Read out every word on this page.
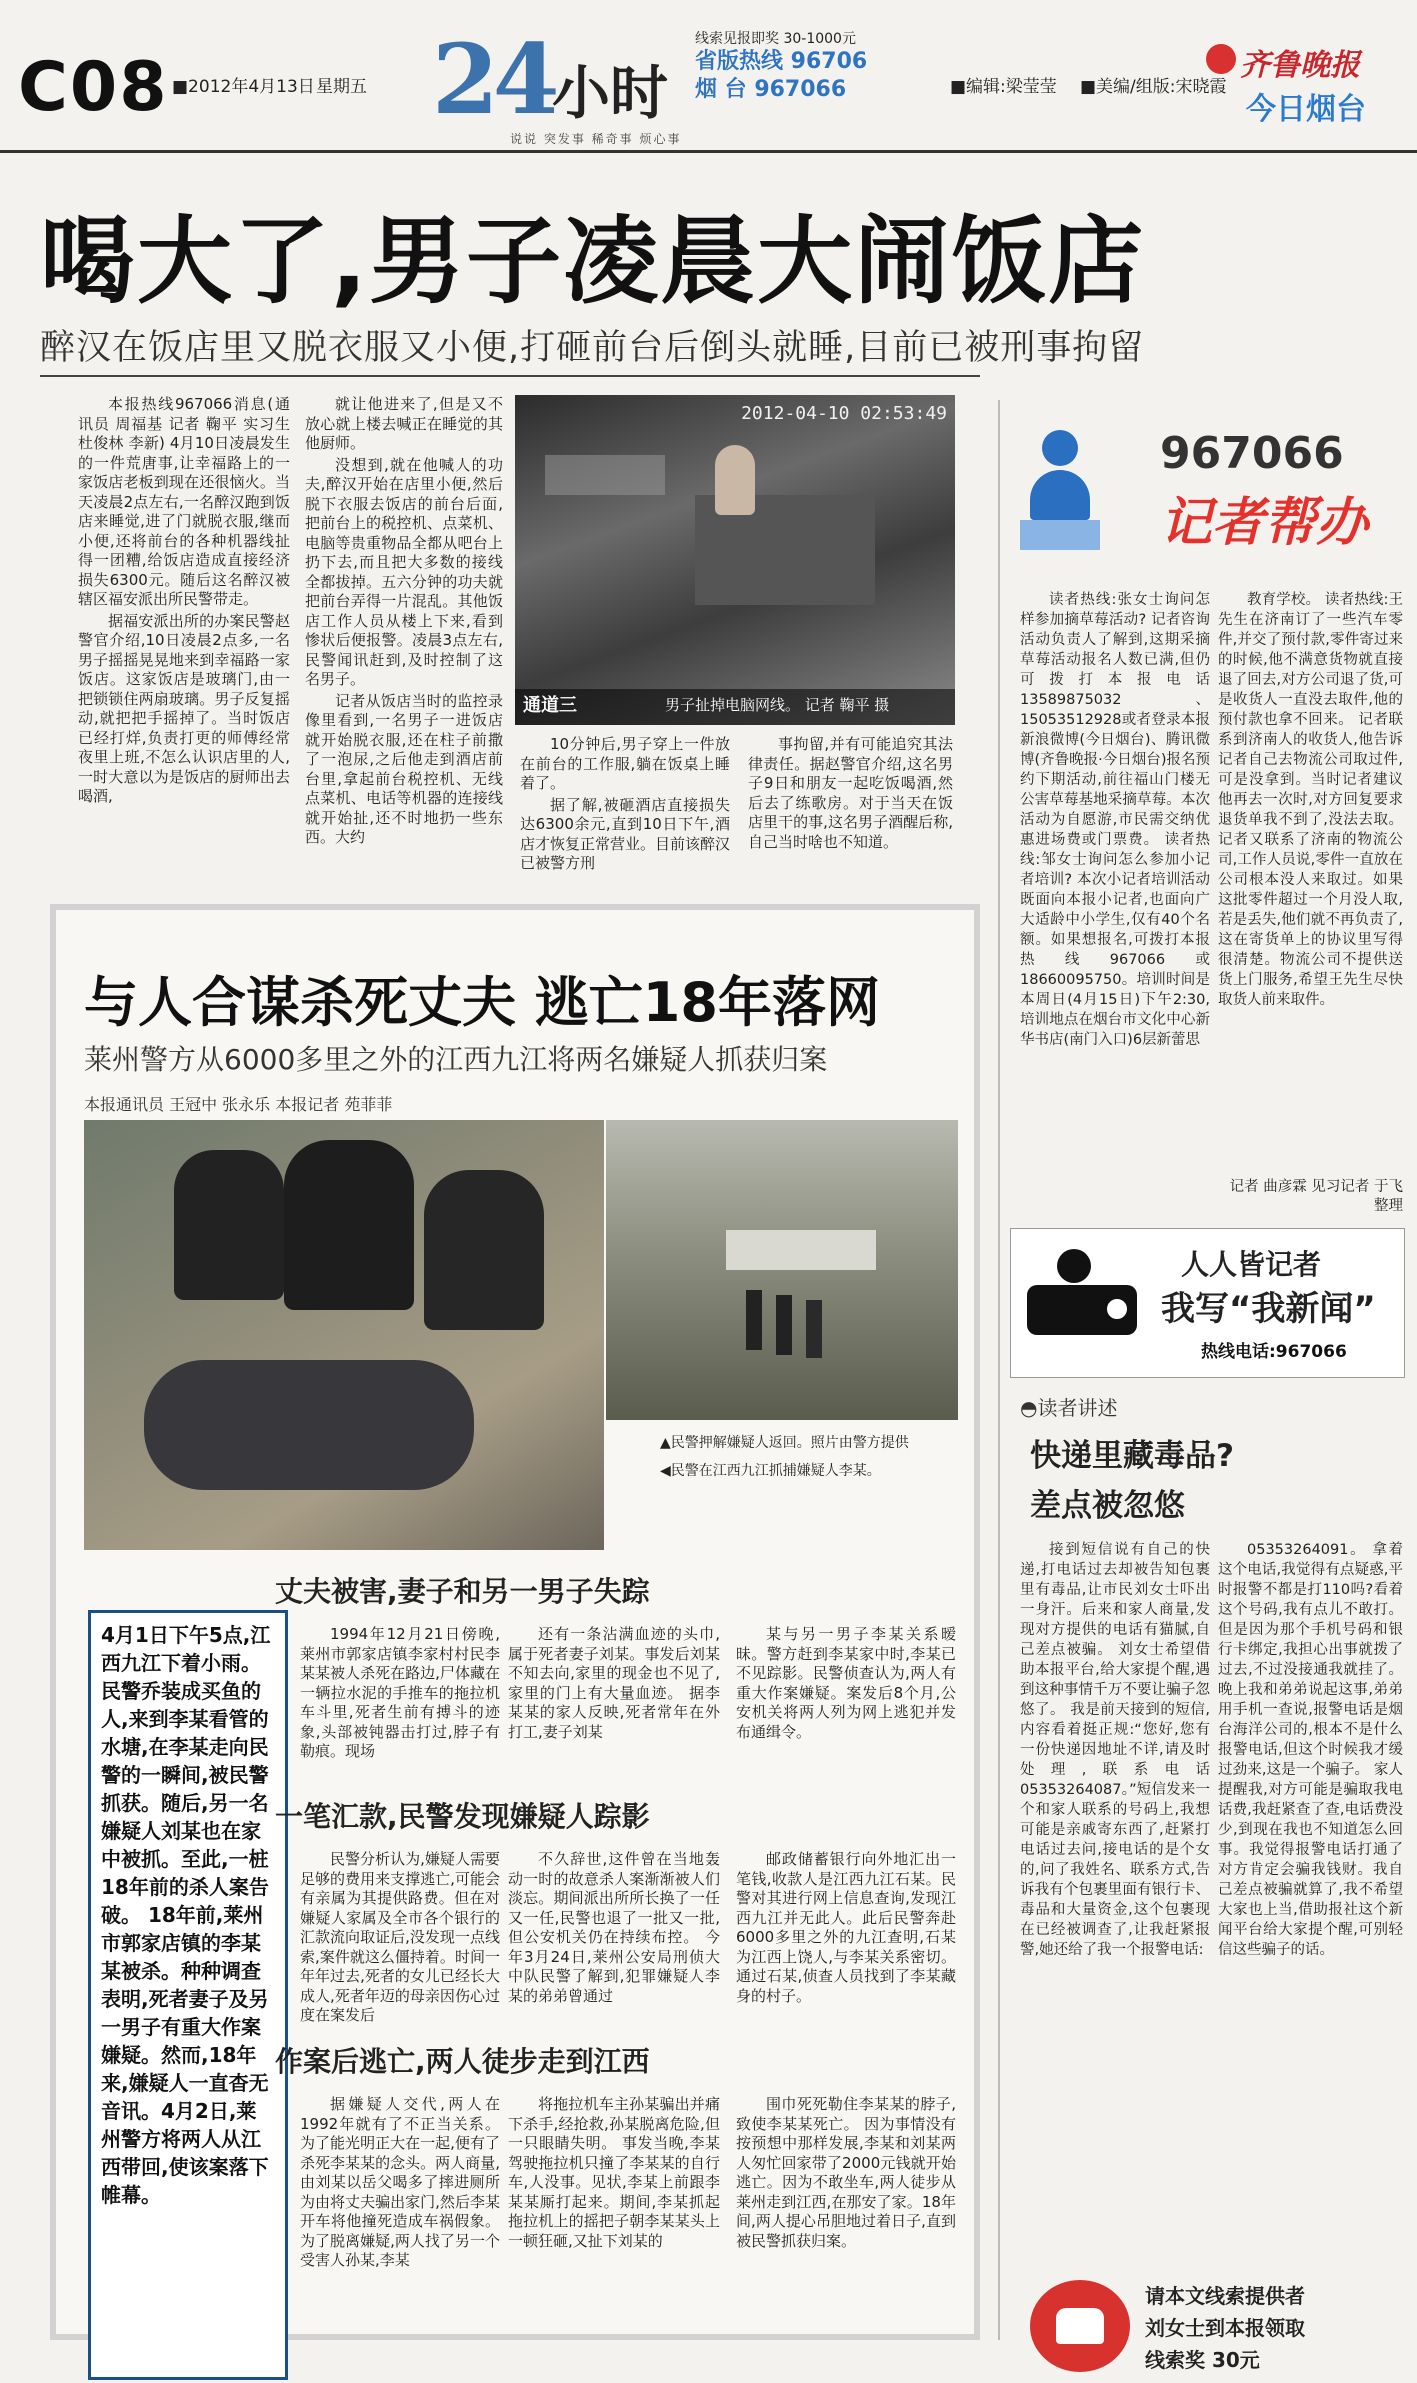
C08 ■2012年4月13日 星期五 24
小时
说说 突发事 稀奇事 烦心事
线索见报即奖 30-1000元
省版热线 96706
烟 台 967066	■编辑:梁莹莹 ■美编/组版:宋晓霞
齐鲁晚报
今日烟台
喝大了,男子凌晨大闹饭店
醉汉在饭店里又脱衣服又小便,打砸前台后倒头就睡,目前已被刑事拘留

本报热线967066消息(通讯员 周福基 记者 鞠平 实习生 杜俊林 李新) 4月10日凌晨发生的一件荒唐事,让幸福路上的一家饭店老板到现在还很恼火。当天凌晨2点左右,一名醉汉跑到饭店来睡觉,进了门就脱衣服,继而小便,还将前台的各种机器线扯得一团糟,给饭店造成直接经济损失6300元。随后这名醉汉被辖区福安派出所民警带走。

据福安派出所的办案民警赵警官介绍,10日凌晨2点多,一名男子摇摇晃晃地来到幸福路一家饭店。这家饭店是玻璃门,由一把锁锁住两扇玻璃。男子反复摇动,就把把手摇掉了。当时饭店已经打烊,负责打更的师傅经常夜里上班,不怎么认识店里的人,一时大意以为是饭店的厨师出去喝酒,

就让他进来了,但是又不放心就上楼去喊正在睡觉的其他厨师。

没想到,就在他喊人的功夫,醉汉开始在店里小便,然后脱下衣服去饭店的前台后面,把前台上的税控机、点菜机、电脑等贵重物品全都从吧台上扔下去,而且把大多数的接线全都拔掉。五六分钟的功夫就把前台弄得一片混乱。其他饭店工作人员从楼上下来,看到惨状后便报警。凌晨3点左右,民警闻讯赶到,及时控制了这名男子。

记者从饭店当时的监控录像里看到,一名男子一进饭店就开始脱衣服,还在柱子前撒了一泡尿,之后他走到酒店前台里,拿起前台税控机、无线点菜机、电话等机器的连接线就开始扯,还不时地扔一些东西。大约

2012-04-10 02:53:49
通道三	男子扯掉电脑网线。 记者 鞠平 摄

10分钟后,男子穿上一件放在前台的工作服,躺在饭桌上睡着了。

据了解,被砸酒店直接损失达6300余元,直到10日下午,酒店才恢复正常营业。目前该醉汉已被警方刑

事拘留,并有可能追究其法律责任。据赵警官介绍,这名男子9日和朋友一起吃饭喝酒,然后去了练歌房。对于当天在饭店里干的事,这名男子酒醒后称,自己当时啥也不知道。

与人合谋杀死丈夫 逃亡18年落网
莱州警方从6000多里之外的江西九江将两名嫌疑人抓获归案
本报通讯员 王冠中 张永乐 本报记者 苑菲菲
▲民警押解嫌疑人返回。照片由警方提供
◀民警在江西九江抓捕嫌疑人李某。
4月1日下午5点,江西九江下着小雨。民警乔装成买鱼的人,来到李某看管的水塘,在李某走向民警的一瞬间,被民警抓获。随后,另一名嫌疑人刘某也在家中被抓。至此,一桩18年前的杀人案告破。 18年前,莱州市郭家店镇的李某某被杀。种种调查表明,死者妻子及另一男子有重大作案嫌疑。然而,18年来,嫌疑人一直杳无音讯。4月2日,莱州警方将两人从江西带回,使该案落下帷幕。
丈夫被害,妻子和另一男子失踪
1994年12月21日傍晚,莱州市郭家店镇李家村村民李某某被人杀死在路边,尸体藏在一辆拉水泥的手推车的拖拉机车斗里,死者生前有搏斗的迹象,头部被钝器击打过,脖子有勒痕。现场
还有一条沾满血迹的头巾,属于死者妻子刘某。事发后刘某不知去向,家里的现金也不见了,家里的门上有大量血迹。 据李某某的家人反映,死者常年在外打工,妻子刘某
某与另一男子李某关系暧昧。警方赶到李某家中时,李某已不见踪影。民警侦查认为,两人有重大作案嫌疑。案发后8个月,公安机关将两人列为网上逃犯并发布通缉令。
一笔汇款,民警发现嫌疑人踪影
民警分析认为,嫌疑人需要足够的费用来支撑逃亡,可能会有亲属为其提供路费。但在对嫌疑人家属及全市各个银行的汇款流向取证后,没发现一点线索,案件就这么僵持着。时间一年年过去,死者的女儿已经长大成人,死者年迈的母亲因伤心过度在案发后
不久辞世,这件曾在当地轰动一时的故意杀人案渐渐被人们淡忘。期间派出所所长换了一任又一任,民警也退了一批又一批,但公安机关仍在持续布控。 今年3月24日,莱州公安局刑侦大中队民警了解到,犯罪嫌疑人李某的弟弟曾通过
邮政储蓄银行向外地汇出一笔钱,收款人是江西九江石某。民警对其进行网上信息查询,发现江西九江并无此人。此后民警奔赴6000多里之外的九江查明,石某为江西上饶人,与李某关系密切。通过石某,侦查人员找到了李某藏身的村子。
作案后逃亡,两人徒步走到江西
据嫌疑人交代,两人在1992年就有了不正当关系。为了能光明正大在一起,便有了杀死李某某的念头。两人商量,由刘某以岳父喝多了摔进厕所为由将丈夫骗出家门,然后李某开车将他撞死造成车祸假象。为了脱离嫌疑,两人找了另一个受害人孙某,李某
将拖拉机车主孙某骗出并痛下杀手,经抢救,孙某脱离危险,但一只眼睛失明。 事发当晚,李某驾驶拖拉机只撞了李某某的自行车,人没事。见状,李某上前跟李某某厮打起来。期间,李某抓起拖拉机上的摇把子朝李某某头上一顿狂砸,又扯下刘某的
围巾死死勒住李某某的脖子,致使李某某死亡。 因为事情没有按预想中那样发展,李某和刘某两人匆忙回家带了2000元钱就开始逃亡。因为不敢坐车,两人徒步从莱州走到江西,在那安了家。18年间,两人提心吊胆地过着日子,直到被民警抓获归案。
967066
记者帮办
读者热线:张女士询问怎样参加摘草莓活动? 记者咨询活动负责人了解到,这期采摘草莓活动报名人数已满,但仍可拨打本报电话13589875032、15053512928或者登录本报新浪微博(今日烟台)、腾讯微博(齐鲁晚报·今日烟台)报名预约下期活动,前往福山门楼无公害草莓基地采摘草莓。本次活动为自愿游,市民需交纳优惠进场费或门票费。 读者热线:邹女士询问怎么参加小记者培训? 本次小记者培训活动既面向本报小记者,也面向广大适龄中小学生,仅有40个名额。如果想报名,可拨打本报热线967066或18660095750。培训时间是本周日(4月15日)下午2:30,培训地点在烟台市文化中心新华书店(南门入口)6层新蕾思
教育学校。 读者热线:王先生在济南订了一些汽车零件,并交了预付款,零件寄过来的时候,他不满意货物就直接退了回去,对方公司退了货,可是收货人一直没去取件,他的预付款也拿不回来。 记者联系到济南人的收货人,他告诉记者自己去物流公司取过件,可是没拿到。当时记者建议他再去一次时,对方回复要求退货单我不到了,没法去取。记者又联系了济南的物流公司,工作人员说,零件一直放在公司根本没人来取过。如果这批零件超过一个月没人取,若是丢失,他们就不再负责了,这在寄货单上的协议里写得很清楚。物流公司不提供送货上门服务,希望王先生尽快取货人前来取件。
记者 曲彦霖 见习记者 于飞 整理
人人皆记者
我写“我新闻”
热线电话:967066
◓读者讲述
快递里藏毒品?
差点被忽悠
接到短信说有自己的快递,打电话过去却被告知包裹里有毒品,让市民刘女士吓出一身汗。后来和家人商量,发现对方提供的电话有猫腻,自己差点被骗。 刘女士希望借助本报平台,给大家提个醒,遇到这种事情千万不要让骗子忽悠了。 我是前天接到的短信,内容看着挺正规:“您好,您有一份快递因地址不详,请及时处理,联系电话05353264087。”短信发来一个和家人联系的号码上,我想可能是亲戚寄东西了,赶紧打电话过去问,接电话的是个女的,问了我姓名、联系方式,告诉我有个包裹里面有银行卡、毒品和大量资金,这个包裹现在已经被调查了,让我赶紧报警,她还给了我一个报警电话:
05353264091。 拿着这个电话,我觉得有点疑惑,平时报警不都是打110吗?看着这个号码,我有点儿不敢打。但是因为那个手机号码和银行卡绑定,我担心出事就拨了过去,不过没接通我就挂了。晚上我和弟弟说起这事,弟弟用手机一查说,报警电话是烟台海洋公司的,根本不是什么报警电话,但这个时候我才缓过劲来,这是一个骗子。 家人提醒我,对方可能是骗取我电话费,我赶紧查了查,电话费没少,到现在我也不知道怎么回事。我觉得报警电话打通了对方肯定会骗我钱财。我自己差点被骗就算了,我不希望大家也上当,借助报社这个新闻平台给大家提个醒,可别轻信这些骗子的话。
请本文线索提供者
刘女士到本报领取
线索奖 30元
